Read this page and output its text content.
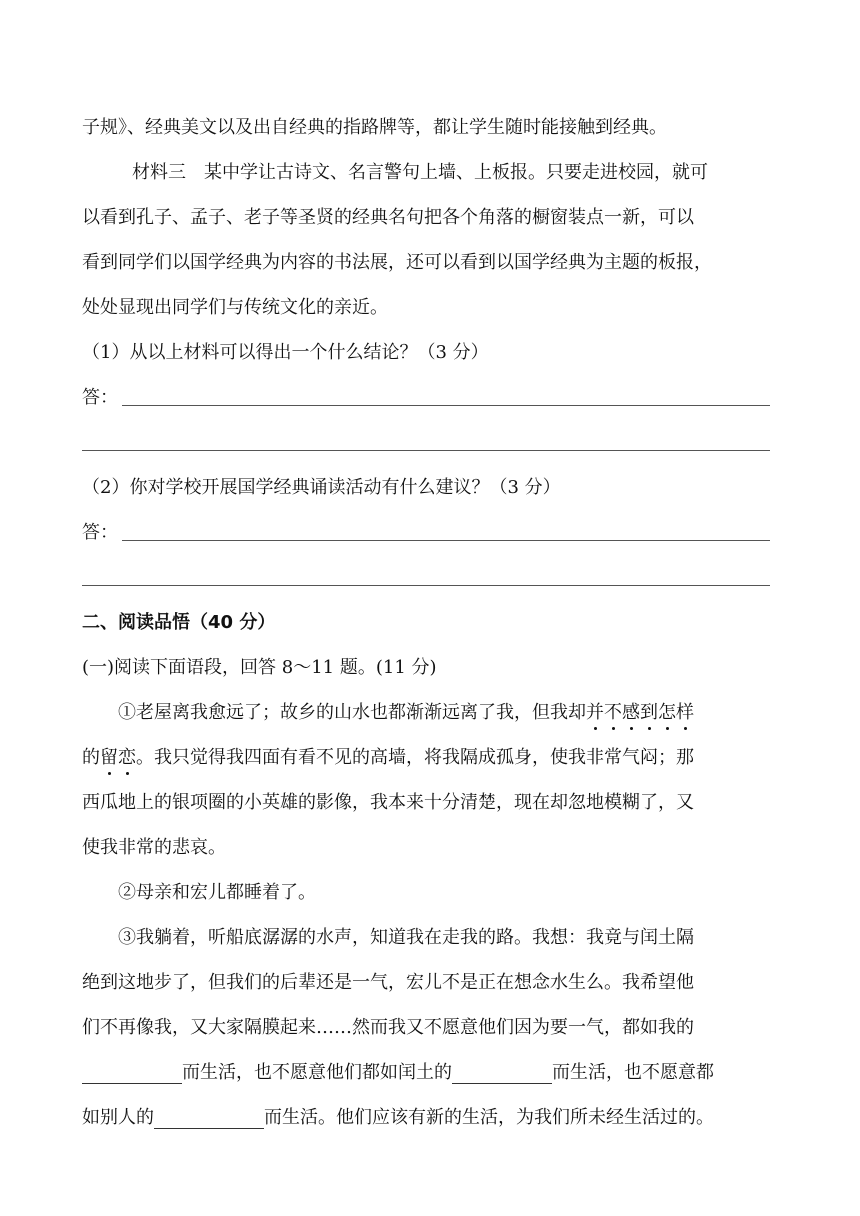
子规》、经典美文以及出自经典的指路牌等，都让学生随时能接触到经典。
材料三　某中学让古诗文、名言警句上墙、上板报。只要走进校园，就可
以看到孔子、孟子、老子等圣贤的经典名句把各个角落的橱窗装点一新，可以
看到同学们以国学经典为内容的书法展，还可以看到以国学经典为主题的板报，
处处显现出同学们与传统文化的亲近。
（1）从以上材料可以得出一个什么结论？（3 分）
答：
（2）你对学校开展国学经典诵读活动有什么建议？（3 分）
答：
二、阅读品悟（40 分）
(一)阅读下面语段，回答 8～11 题。(11 分)
①老屋离我愈远了；故乡的山水也都渐渐远离了我，但我却并不感到怎样
的留恋。我只觉得我四面有看不见的高墙，将我隔成孤身，使我非常气闷；那
西瓜地上的银项圈的小英雄的影像，我本来十分清楚，现在却忽地模糊了，又
使我非常的悲哀。
②母亲和宏儿都睡着了。
③我躺着，听船底潺潺的水声，知道我在走我的路。我想：我竟与闰土隔
绝到这地步了，但我们的后辈还是一气，宏儿不是正在想念水生么。我希望他
们不再像我，又大家隔膜起来……然而我又不愿意他们因为要一气，都如我的
而生活，也不愿意他们都如闰土的	而生活，也不愿意都
如别人的	而生活。他们应该有新的生活，为我们所未经生活过的。
